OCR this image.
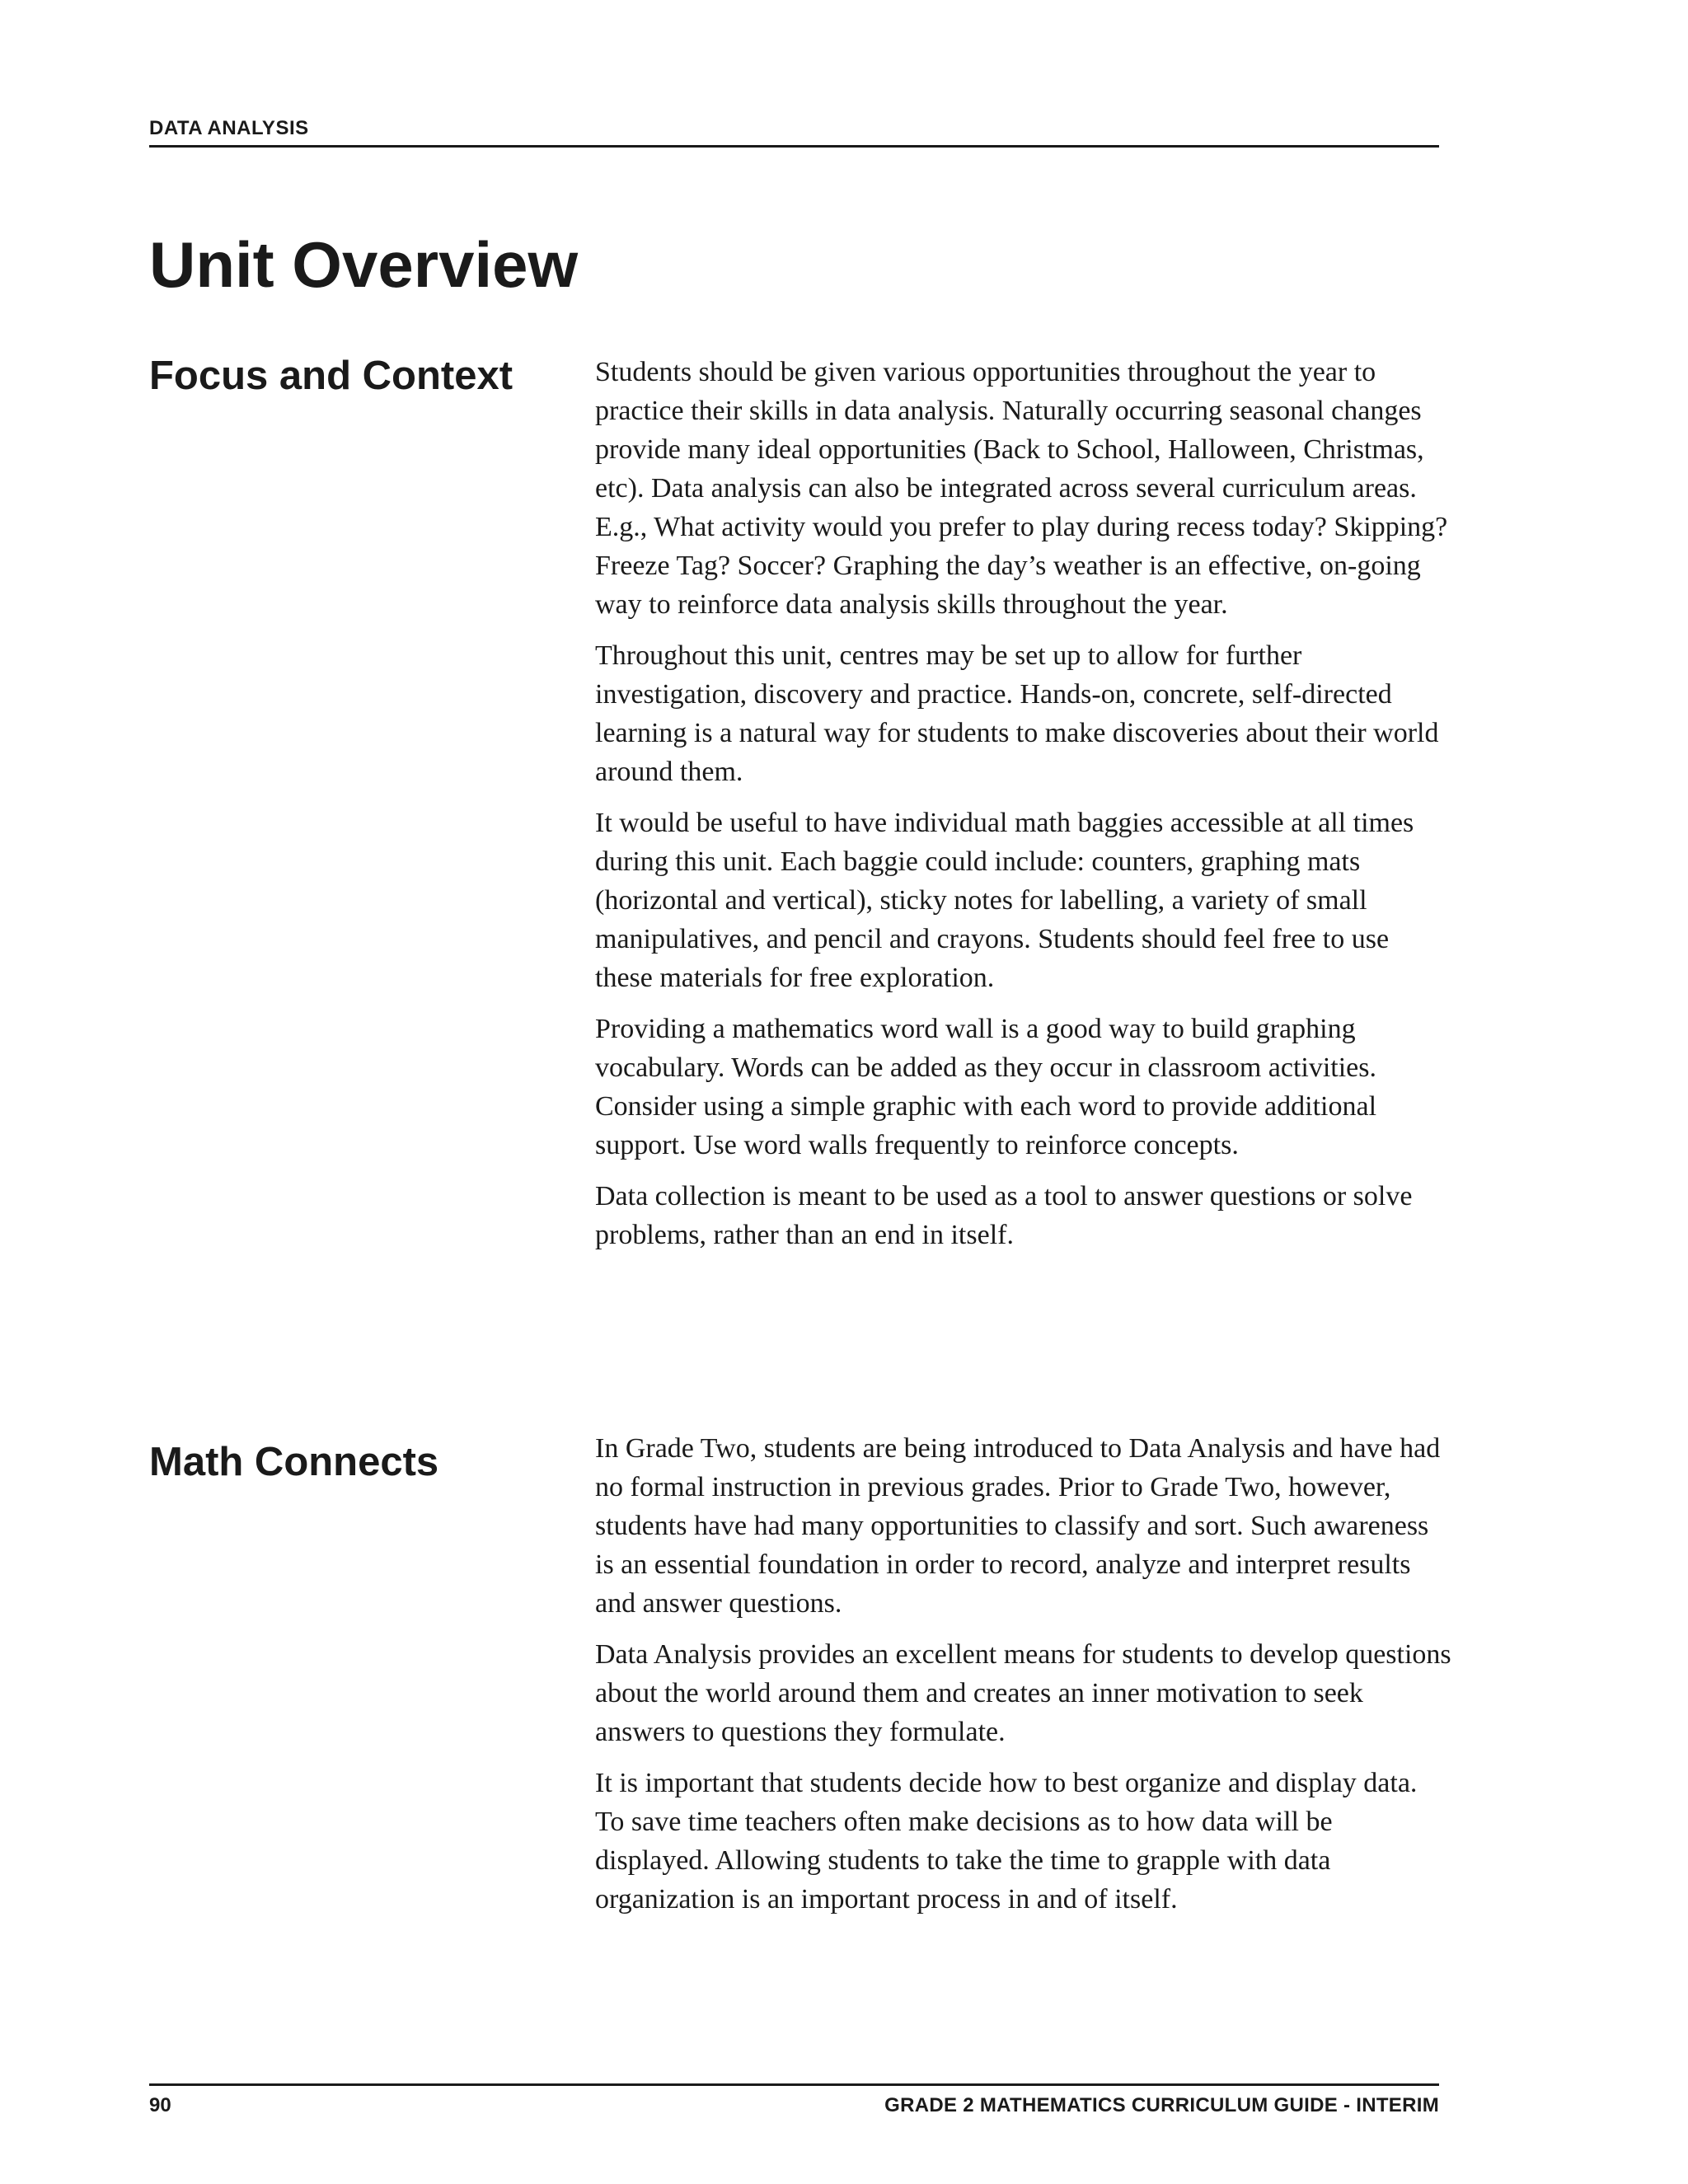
DATA ANALYSIS
Unit Overview
Focus and Context	Students should be given various opportunities throughout the year to practice their skills in data analysis. Naturally occurring seasonal changes provide many ideal opportunities (Back to School, Halloween, Christmas, etc). Data analysis can also be integrated across several curriculum areas. E.g., What activity would you prefer to play during recess today? Skipping? Freeze Tag? Soccer? Graphing the day’s weather is an effective, on-going way to reinforce data analysis skills throughout the year.

Throughout this unit, centres may be set up to allow for further investigation, discovery and practice. Hands-on, concrete, self-directed learning is a natural way for students to make discoveries about their world around them.

It would be useful to have individual math baggies accessible at all times during this unit. Each baggie could include: counters, graphing mats (horizontal and vertical), sticky notes for labelling, a variety of small manipulatives, and pencil and crayons. Students should feel free to use these materials for free exploration.

Providing a mathematics word wall is a good way to build graphing vocabulary. Words can be added as they occur in classroom activities. Consider using a simple graphic with each word to provide additional support. Use word walls frequently to reinforce concepts.

Data collection is meant to be used as a tool to answer questions or solve problems, rather than an end in itself.

Math Connects	In Grade Two, students are being introduced to Data Analysis and have had no formal instruction in previous grades. Prior to Grade Two, however, students have had many opportunities to classify and sort. Such awareness is an essential foundation in order to record, analyze and interpret results and answer questions.

Data Analysis provides an excellent means for students to develop questions about the world around them and creates an inner motivation to seek answers to questions they formulate.

It is important that students decide how to best organize and display data. To save time teachers often make decisions as to how data will be displayed. Allowing students to take the time to grapple with data organization is an important process in and of itself.

90	GRADE 2 MATHEMATICS CURRICULUM GUIDE - INTERIM
